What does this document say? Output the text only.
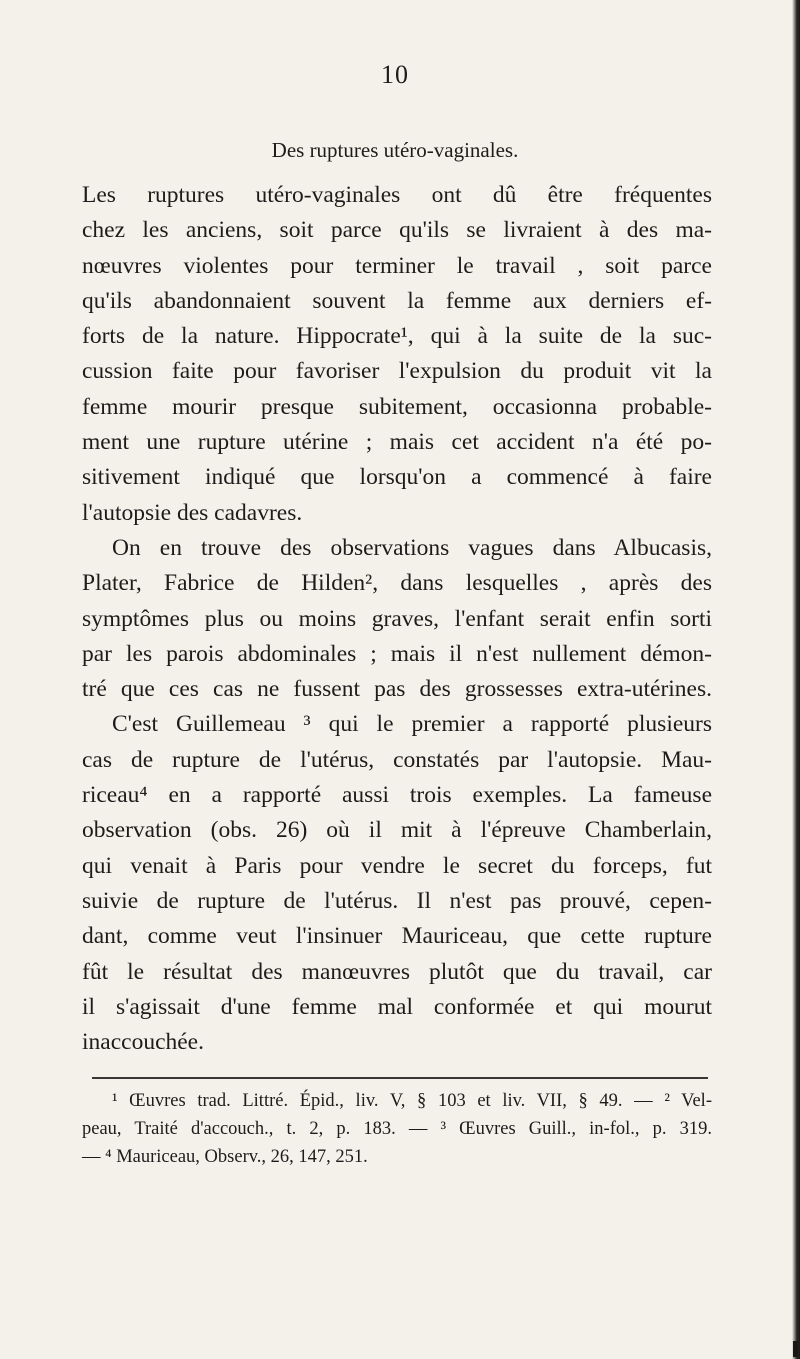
10
Des ruptures utéro-vaginales.
Les ruptures utéro-vaginales ont dû être fréquentes
chez les anciens, soit parce qu'ils se livraient à des ma-
nœuvres violentes pour terminer le travail , soit parce
qu'ils abandonnaient souvent la femme aux derniers ef-
forts de la nature. Hippocrate¹, qui à la suite de la suc-
cussion faite pour favoriser l'expulsion du produit vit la
femme mourir presque subitement, occasionna probable-
ment une rupture utérine ; mais cet accident n'a été po-
sitivement indiqué que lorsqu'on a commencé à faire
l'autopsie des cadavres.
On en trouve des observations vagues dans Albucasis,
Plater, Fabrice de Hilden², dans lesquelles , après des
symptômes plus ou moins graves, l'enfant serait enfin sorti
par les parois abdominales ; mais il n'est nullement démon-
tré que ces cas ne fussent pas des grossesses extra-utérines.
C'est Guillemeau ³ qui le premier a rapporté plusieurs
cas de rupture de l'utérus, constatés par l'autopsie. Mau-
riceau⁴ en a rapporté aussi trois exemples. La fameuse
observation (obs. 26) où il mit à l'épreuve Chamberlain,
qui venait à Paris pour vendre le secret du forceps, fut
suivie de rupture de l'utérus. Il n'est pas prouvé, cepen-
dant, comme veut l'insinuer Mauriceau, que cette rupture
fût le résultat des manœuvres plutôt que du travail, car
il s'agissait d'une femme mal conformée et qui mourut
inaccouchée.
¹ Œuvres trad. Littré. Épid., liv. V, § 103 et liv. VII, § 49. — ² Vel-
peau, Traité d'accouch., t. 2, p. 183. — ³ Œuvres Guill., in-fol., p. 319.
— ⁴ Mauriceau, Observ., 26, 147, 251.
